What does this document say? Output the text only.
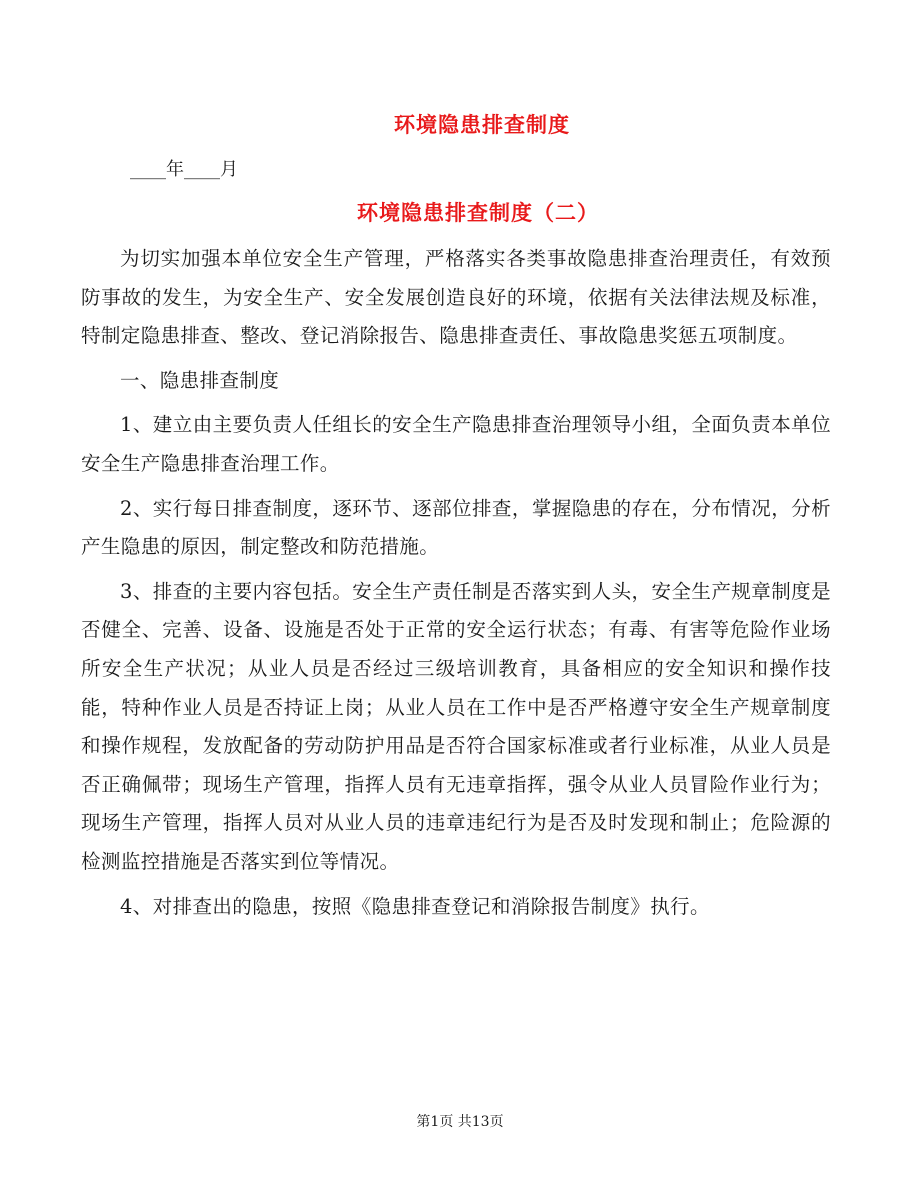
环境隐患排查制度
____年____月
环境隐患排查制度（二）

为切实加强本单位安全生产管理，严格落实各类事故隐患排查治理责任，有效预防事故的发生，为安全生产、安全发展创造良好的环境，依据有关法律法规及标准，特制定隐患排查、整改、登记消除报告、隐患排查责任、事故隐患奖惩五项制度。

一、隐患排查制度

1、建立由主要负责人任组长的安全生产隐患排查治理领导小组，全面负责本单位安全生产隐患排查治理工作。

2、实行每日排查制度，逐环节、逐部位排查，掌握隐患的存在，分布情况，分析产生隐患的原因，制定整改和防范措施。

3、排查的主要内容包括。安全生产责任制是否落实到人头，安全生产规章制度是否健全、完善、设备、设施是否处于正常的安全运行状态；有毒、有害等危险作业场所安全生产状况；从业人员是否经过三级培训教育，具备相应的安全知识和操作技能，特种作业人员是否持证上岗；从业人员在工作中是否严格遵守安全生产规章制度和操作规程，发放配备的劳动防护用品是否符合国家标准或者行业标准，从业人员是否正确佩带；现场生产管理，指挥人员有无违章指挥，强令从业人员冒险作业行为；现场生产管理，指挥人员对从业人员的违章违纪行为是否及时发现和制止；危险源的检测监控措施是否落实到位等情况。

4、对排查出的隐患，按照《隐患排查登记和消除报告制度》执行。

第1页 共13页
